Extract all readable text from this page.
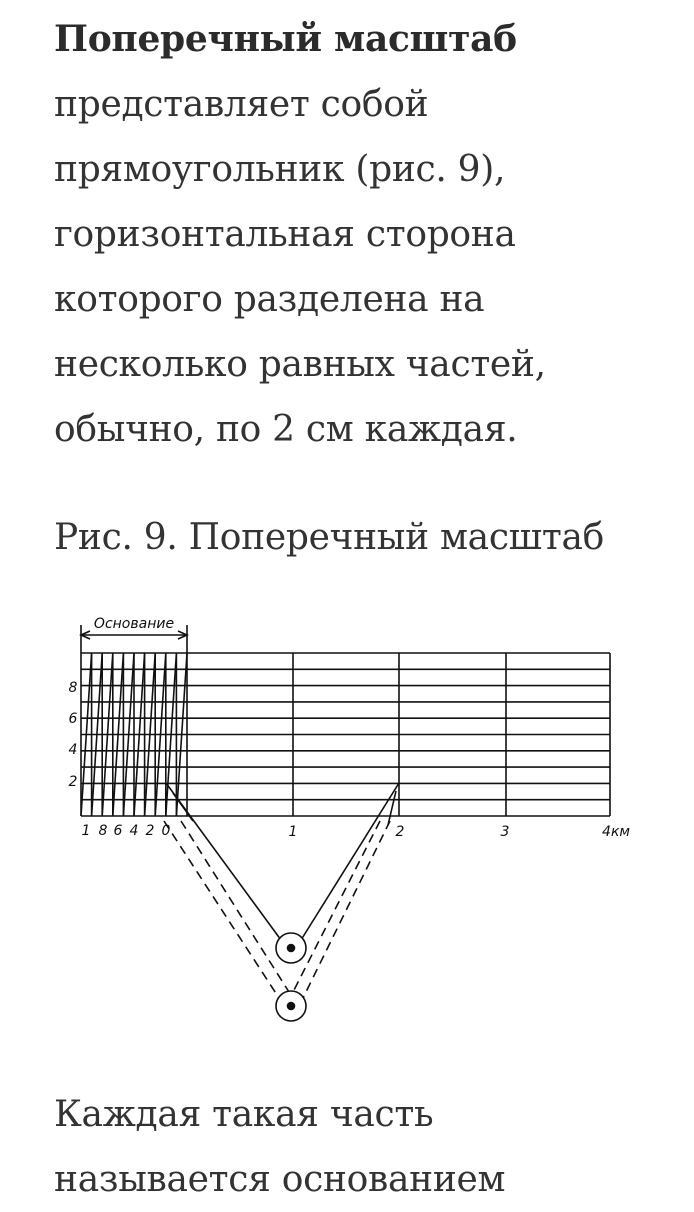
Поперечный масштаб
представляет собой
прямоугольник (рис. 9),
горизонтальная сторона
которого разделена на
несколько равных частей,
обычно, по 2 см каждая.

Рис. 9. Поперечный масштаб

Основание
8
6
4
2
1 8 6 4 2 0	1	2	3	4км

Каждая такая часть
называется основанием
